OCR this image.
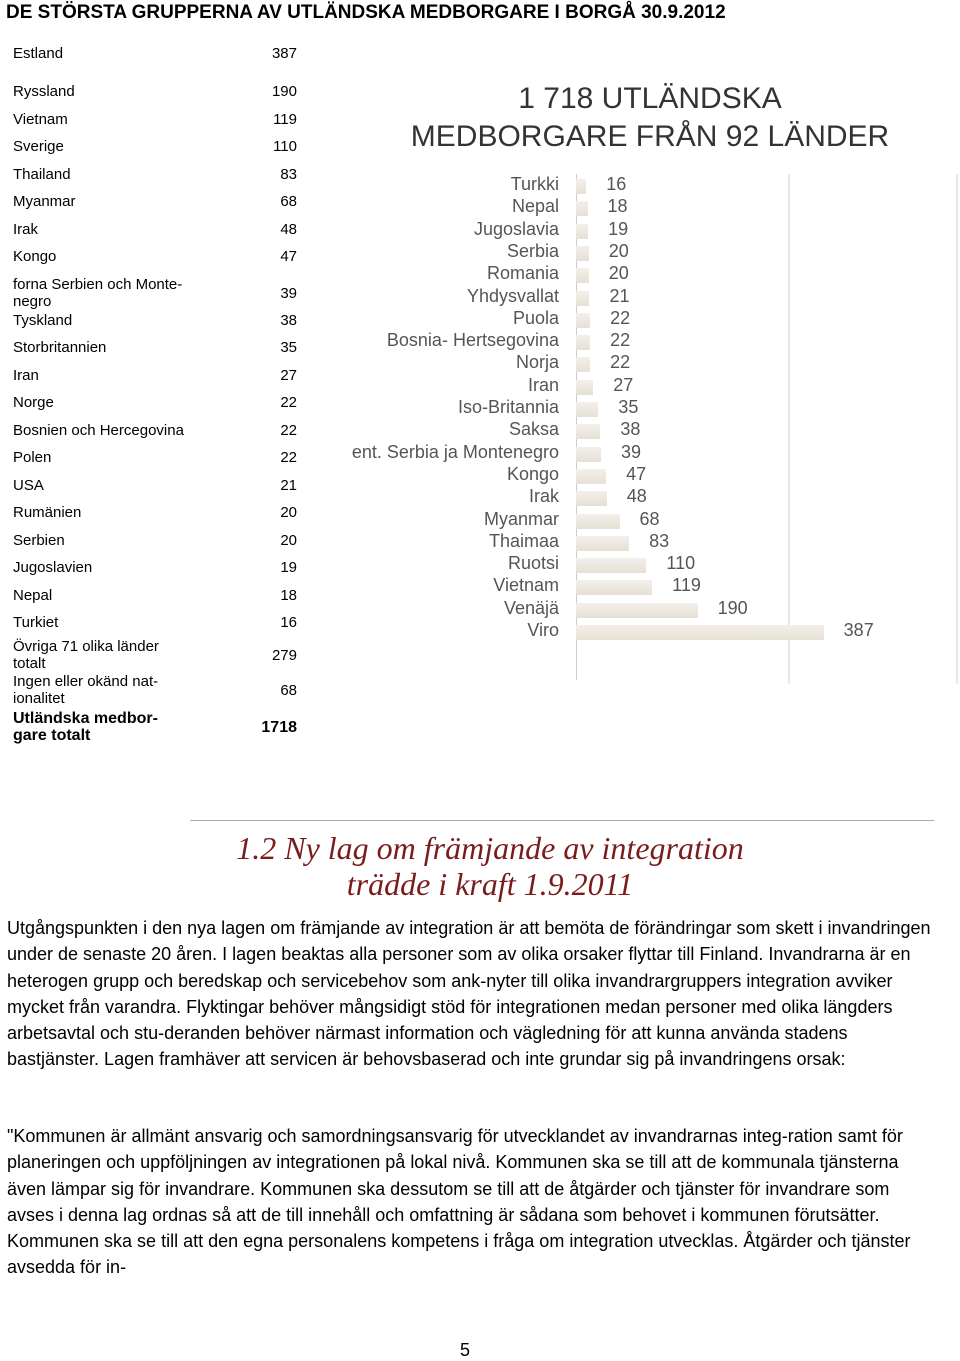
DE STÖRSTA GRUPPERNA AV UTLÄNDSKA MEDBORGARE I BORGÅ 30.9.2012
Estland	387
Ryssland	190
Vietnam	119
Sverige	110
Thailand	83
Myanmar	68
Irak	48
Kongo	47
forna Serbien och Monte-
negro	39
Tyskland	38
Storbritannien	35
Iran	27
Norge	22
Bosnien och Hercegovina	22
Polen	22
USA	21
Rumänien	20
Serbien	20
Jugoslavien	19
Nepal	18
Turkiet	16
Övriga 71 olika länder
totalt	279
Ingen eller okänd nat-
ionalitet	68
Utländska medbor-
gare totalt	1718
1 718 UTLÄNDSKA
MEDBORGARE FRÅN 92 LÄNDER
Turkki	16
Nepal	18
Jugoslavia	19
Serbia	20
Romania	20
Yhdysvallat	21
Puola	22
Bosnia- Hertsegovina	22
Norja	22
Iran	27
Iso-Britannia	35
Saksa	38
ent. Serbia ja Montenegro	39
Kongo	47
Irak	48
Myanmar	68
Thaimaa	83
Ruotsi	110
Vietnam	119
Venäjä	190
Viro	387
1.2 Ny lag om främjande av integration
trädde i kraft 1.9.2011
Utgångspunkten i den nya lagen om främjande av integration är att bemöta de förändringar som skett i invandringen under de senaste 20 åren. I lagen beaktas alla personer som av olika orsaker flyttar till Finland. Invandrarna är en heterogen grupp och beredskap och servicebehov som ank-nyter till olika invandrargruppers integration avviker mycket från varandra. Flyktingar behöver mångsidigt stöd för integrationen medan personer med olika längders arbetsavtal och stu-deranden behöver närmast information och vägledning för att kunna använda stadens bastjänster. Lagen framhäver att servicen är behovsbaserad och inte grundar sig på invandringens orsak:
"Kommunen är allmänt ansvarig och samordningsansvarig för utvecklandet av invandrarnas integ-ration samt för planeringen och uppföljningen av integrationen på lokal nivå. Kommunen ska se till att de kommunala tjänsterna även lämpar sig för invandrare. Kommunen ska dessutom se till att de åtgärder och tjänster för invandrare som avses i denna lag ordnas så att de till innehåll och omfattning är sådana som behovet i kommunen förutsätter. Kommunen ska se till att den egna personalens kompetens i fråga om integration utvecklas. Åtgärder och tjänster avsedda för in-
5
